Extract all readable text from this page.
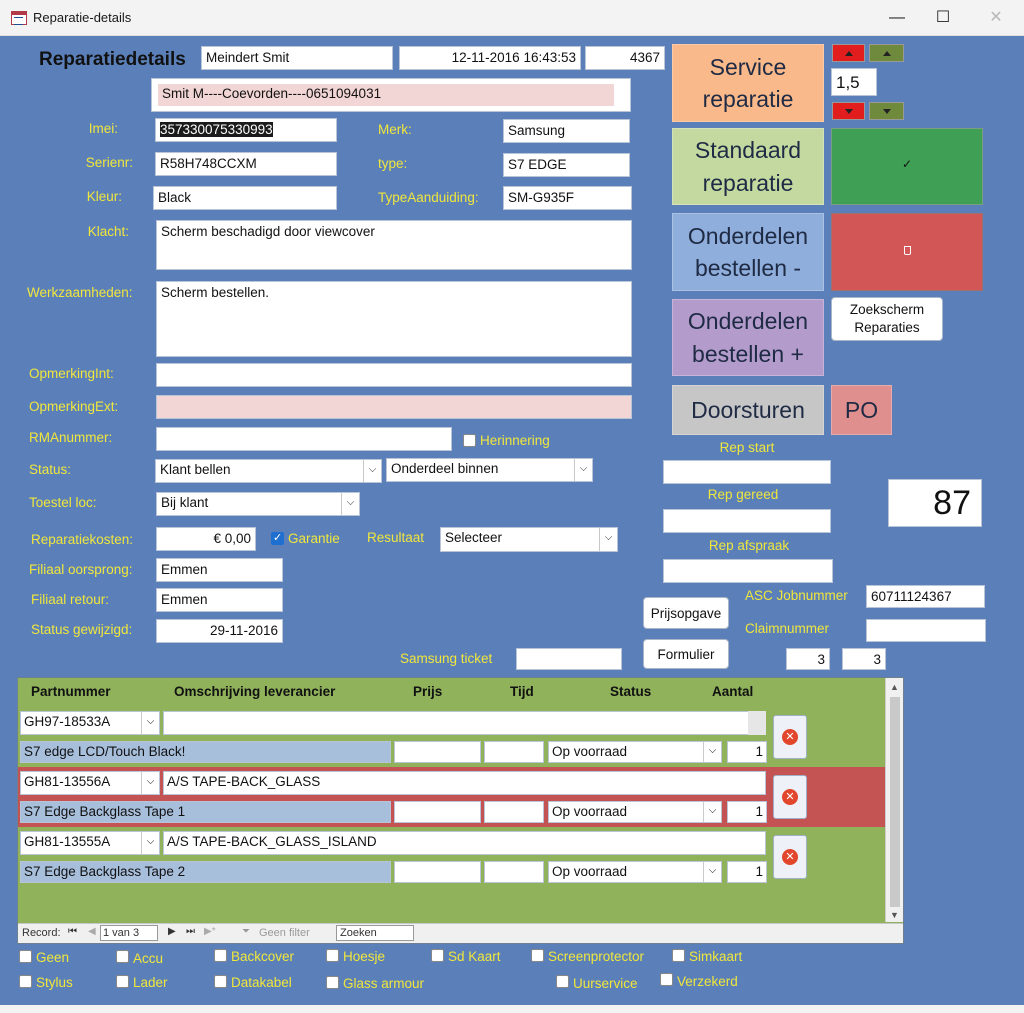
Reparatie-details	—	☐	✕
Reparatiedetails	Meindert Smit	12-11-2016 16:43:53	4367
Smit M----Coevorden----0651094031
Imei:
Serienr:
Kleur:
Klacht:
Werkzaamheden:
OpmerkingInt:
OpmerkingExt:
RMAnummer:
Status:
Toestel loc:
Reparatiekosten:
Filiaal oorsprong:
Filiaal retour:
Status gewijzigd:
357330075330993
R58H748CCXM
Black
Scherm beschadigd door viewcover
Scherm bestellen.
Herinnering
Klant bellen	⌵	Onderdeel binnen	⌵
Bij klant	⌵
€ 0,00
✓	Garantie Resultaat	Selecteer	⌵
Emmen
Emmen
29-11-2016
Samsung ticket
Merk:
type:
TypeAanduiding:
Samsung
S7 EDGE
SM-G935F
Service reparatie
Standaard reparatie
Onderdelen bestellen -
Onderdelen bestellen +
Doorsturen	PO
1,5
✓
Zoekscherm Reparaties
Rep start
Rep gereed
Rep afspraak
87
Prijsopgave
Formulier
ASC Jobnummer	60711124367
Claimnummer
3	3
Partnummer	Omschrijving leverancier	Prijs	Tijd	Status	Aantal
GH97-18533A	⌵
S7 edge LCD/Touch Black!	Op voorraad	⌵	1
✕
GH81-13556A	⌵ A/S TAPE-BACK_GLASS
S7 Edge Backglass Tape 1	Op voorraad	⌵	1
✕
GH81-13555A	⌵ A/S TAPE-BACK_GLASS_ISLAND
S7 Edge Backglass Tape 2	Op voorraad	⌵	1
✕
▲
▼
Record: ⏮ ◀ 1 van 3	▶ ⏭ ▶*	⏷ Geen filter	Zoeken
Geen	Accu	Backcover	Hoesje	Sd Kaart	Screenprotector	Simkaart
Stylus	Lader	Datakabel	Glass armour	Uurservice	Verzekerd
